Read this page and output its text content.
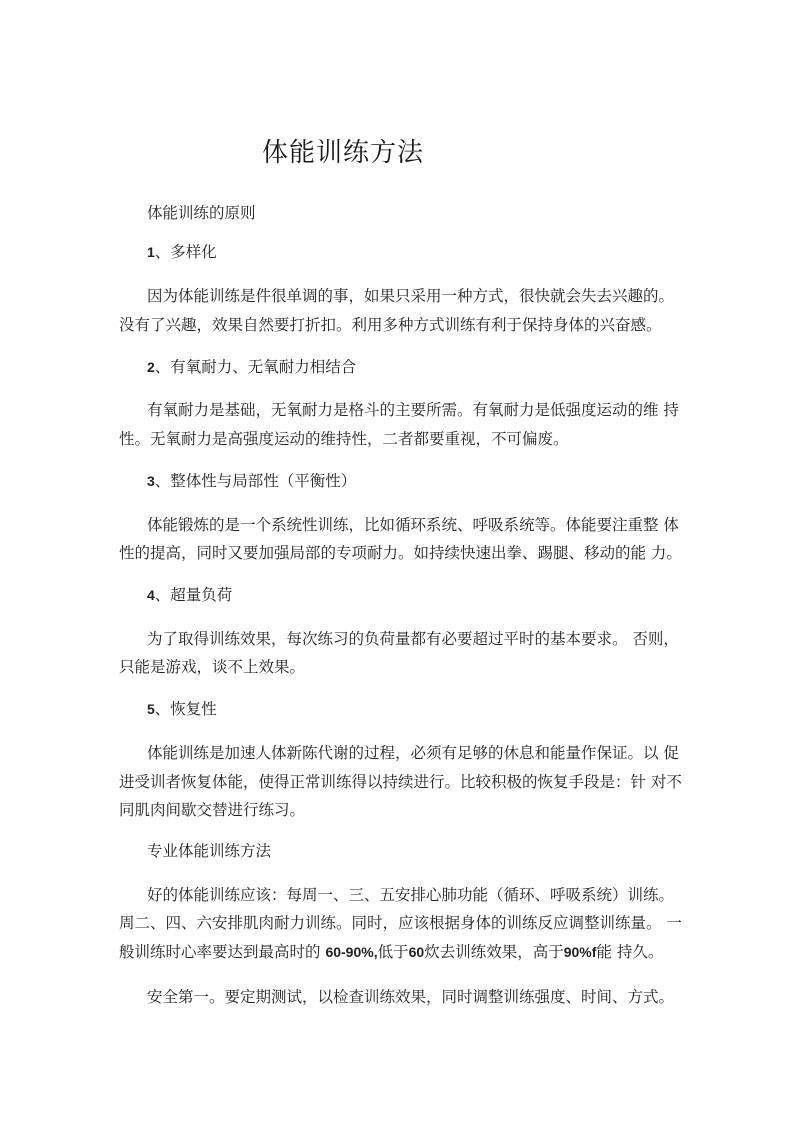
体能训练方法
体能训练的原则
1、多样化
因为体能训练是件很单调的事，如果只采用一种方式，很快就会失去兴趣的。
没有了兴趣，效果自然要打折扣。利用多种方式训练有利于保持身体的兴奋感。
2、有氧耐力、无氧耐力相结合
有氧耐力是基础，无氧耐力是格斗的主要所需。有氧耐力是低强度运动的维 持
性。无氧耐力是高强度运动的维持性，二者都要重视，不可偏废。
3、整体性与局部性（平衡性）
体能锻炼的是一个系统性训练，比如循环系统、呼吸系统等。体能要注重整 体
性的提高，同时又要加强局部的专项耐力。如持续快速出拳、踢腿、移动的能 力。
4、超量负荷
为了取得训练效果，每次练习的负荷量都有必要超过平时的基本要求。 否则，
只能是游戏，谈不上效果。
5、恢复性
体能训练是加速人体新陈代谢的过程，必须有足够的休息和能量作保证。以 促
进受训者恢复体能，使得正常训练得以持续进行。比较积极的恢复手段是：针 对不
同肌肉间歇交替进行练习。
专业体能训练方法
好的体能训练应该：每周一、三、五安排心肺功能（循环、呼吸系统）训练。
周二、四、六安排肌肉耐力训练。同时，应该根据身体的训练反应调整训练量。 一
般训练时心率要达到最高时的 60-90%,低于60炊去训练效果，高于90%f能 持久。
安全第一。要定期测试，以检查训练效果，同时调整训练强度、时间、方式。
